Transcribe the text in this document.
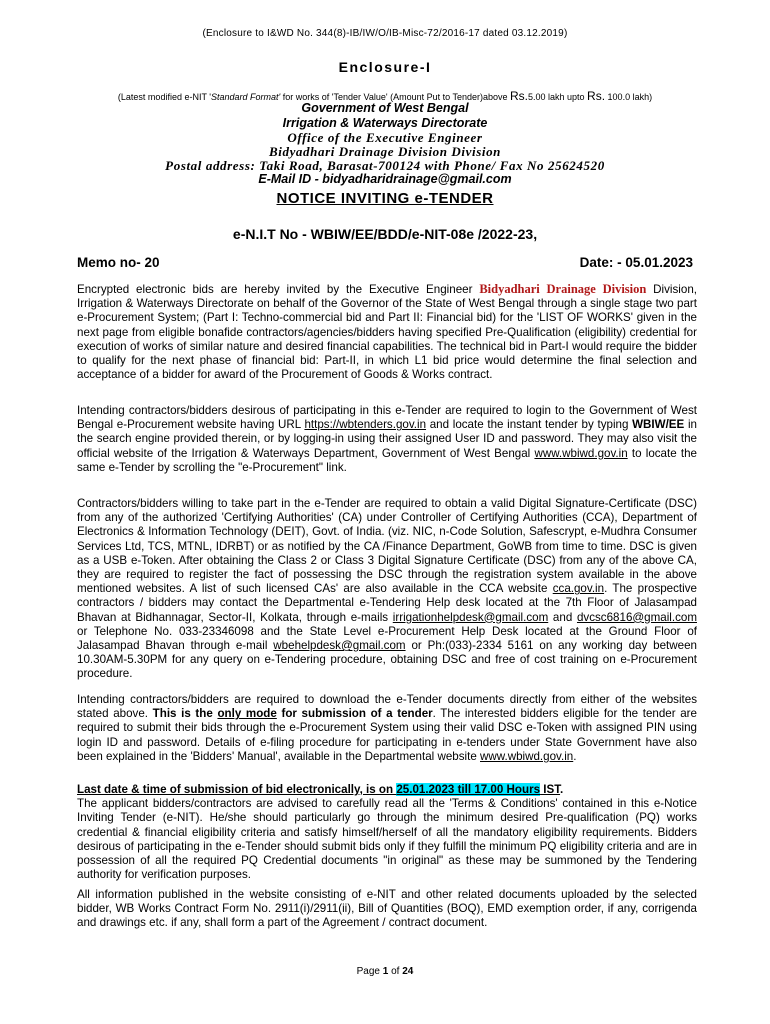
(Enclosure to I&WD No. 344(8)-IB/IW/O/IB-Misc-72/2016-17 dated 03.12.2019)
Enclosure-I
(Latest modified e-NIT 'Standard Format' for works of 'Tender Value' (Amount Put to Tender)above Rs.5.00 lakh upto Rs. 100.0 lakh)
Government of West Bengal
Irrigation & Waterways Directorate
Office of the Executive Engineer
Bidyadhari Drainage Division Division
Postal address: Taki Road, Barasat-700124 with Phone/ Fax No 25624520
E-Mail ID - bidyadharidrainage@gmail.com
NOTICE INVITING e-TENDER
e-N.I.T No - WBIW/EE/BDD/e-NIT-08e /2022-23,
Memo no- 20	Date: - 05.01.2023
Encrypted electronic bids are hereby invited by the Executive Engineer Bidyadhari Drainage Division Division, Irrigation & Waterways Directorate on behalf of the Governor of the State of West Bengal through a single stage two part e-Procurement System; (Part I: Techno-commercial bid and Part II: Financial bid) for the 'LIST OF WORKS' given in the next page from eligible bonafide contractors/agencies/bidders having specified Pre-Qualification (eligibility) credential for execution of works of similar nature and desired financial capabilities. The technical bid in Part-I would require the bidder to qualify for the next phase of financial bid: Part-II, in which L1 bid price would determine the final selection and acceptance of a bidder for award of the Procurement of Goods & Works contract.
Intending contractors/bidders desirous of participating in this e-Tender are required to login to the Government of West Bengal e-Procurement website having URL https://wbtenders.gov.in and locate the instant tender by typing WBIW/EE in the search engine provided therein, or by logging-in using their assigned User ID and password. They may also visit the official website of the Irrigation & Waterways Department, Government of West Bengal www.wbiwd.gov.in to locate the same e-Tender by scrolling the "e-Procurement" link.
Contractors/bidders willing to take part in the e-Tender are required to obtain a valid Digital Signature-Certificate (DSC) from any of the authorized 'Certifying Authorities' (CA) under Controller of Certifying Authorities (CCA), Department of Electronics & Information Technology (DEIT), Govt. of India. (viz. NIC, n-Code Solution, Safescrypt, e-Mudhra Consumer Services Ltd, TCS, MTNL, IDRBT) or as notified by the CA /Finance Department, GoWB from time to time. DSC is given as a USB e-Token. After obtaining the Class 2 or Class 3 Digital Signature Certificate (DSC) from any of the above CA, they are required to register the fact of possessing the DSC through the registration system available in the above mentioned websites. A list of such licensed CAs' are also available in the CCA website cca.gov.in. The prospective contractors / bidders may contact the Departmental e-Tendering Help desk located at the 7th Floor of Jalasampad Bhavan at Bidhannagar, Sector-II, Kolkata, through e-mails irrigationhelpdesk@gmail.com and dvcsc6816@gmail.com or Telephone No. 033-23346098 and the State Level e-Procurement Help Desk located at the Ground Floor of Jalasampad Bhavan through e-mail wbehelpdesk@gmail.com or Ph:(033)-2334 5161 on any working day between 10.30AM-5.30PM for any query on e-Tendering procedure, obtaining DSC and free of cost training on e-Procurement procedure.
Intending contractors/bidders are required to download the e-Tender documents directly from either of the websites stated above. This is the only mode for submission of a tender. The interested bidders eligible for the tender are required to submit their bids through the e-Procurement System using their valid DSC e-Token with assigned PIN using login ID and password. Details of e-filing procedure for participating in e-tenders under State Government have also been explained in the 'Bidders' Manual', available in the Departmental website www.wbiwd.gov.in.
Last date & time of submission of bid electronically, is on 25.01.2023 till 17.00 Hours IST.
The applicant bidders/contractors are advised to carefully read all the 'Terms & Conditions' contained in this e-Notice Inviting Tender (e-NIT). He/she should particularly go through the minimum desired Pre-qualification (PQ) works credential & financial eligibility criteria and satisfy himself/herself of all the mandatory eligibility requirements. Bidders desirous of participating in the e-Tender should submit bids only if they fulfill the minimum PQ eligibility criteria and are in possession of all the required PQ Credential documents "in original" as these may be summoned by the Tendering authority for verification purposes.
All information published in the website consisting of e-NIT and other related documents uploaded by the selected bidder, WB Works Contract Form No. 2911(i)/2911(ii), Bill of Quantities (BOQ), EMD exemption order, if any, corrigenda and drawings etc. if any, shall form a part of the Agreement / contract document.
Page 1 of 24
